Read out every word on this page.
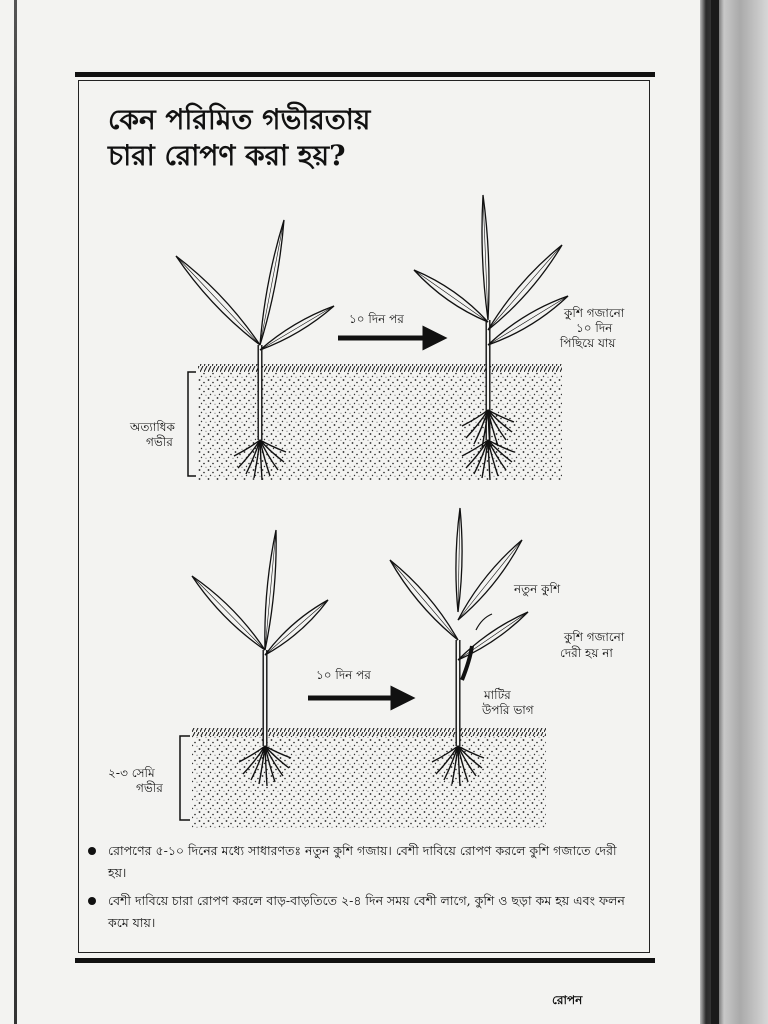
কেন পরিমিত গভীরতায়
চারা রোপণ করা হয়?
১০ দিন পর	কুশি গজানো
১০ দিন
পিছিয়ে যায়
অত্যাধিক
গভীর
১০ দিন পর
নতুন কুশি
কুশি গজানো
দেরী হয় না
মাটির
উপরি ভাগ
২-৩ সেমি
গভীর
রোপণের ৫-১০ দিনের মধ্যে সাধারণতঃ নতুন কুশি গজায়। বেশী দাবিয়ে রোপণ করলে কুশি গজাতে দেরী হয়।
বেশী দাবিয়ে চারা রোপণ করলে বাড়-বাড়তিতে ২-৪ দিন সময় বেশী লাগে, কুশি ও ছড়া কম হয় এবং ফলন কমে যায়।
রোপন
